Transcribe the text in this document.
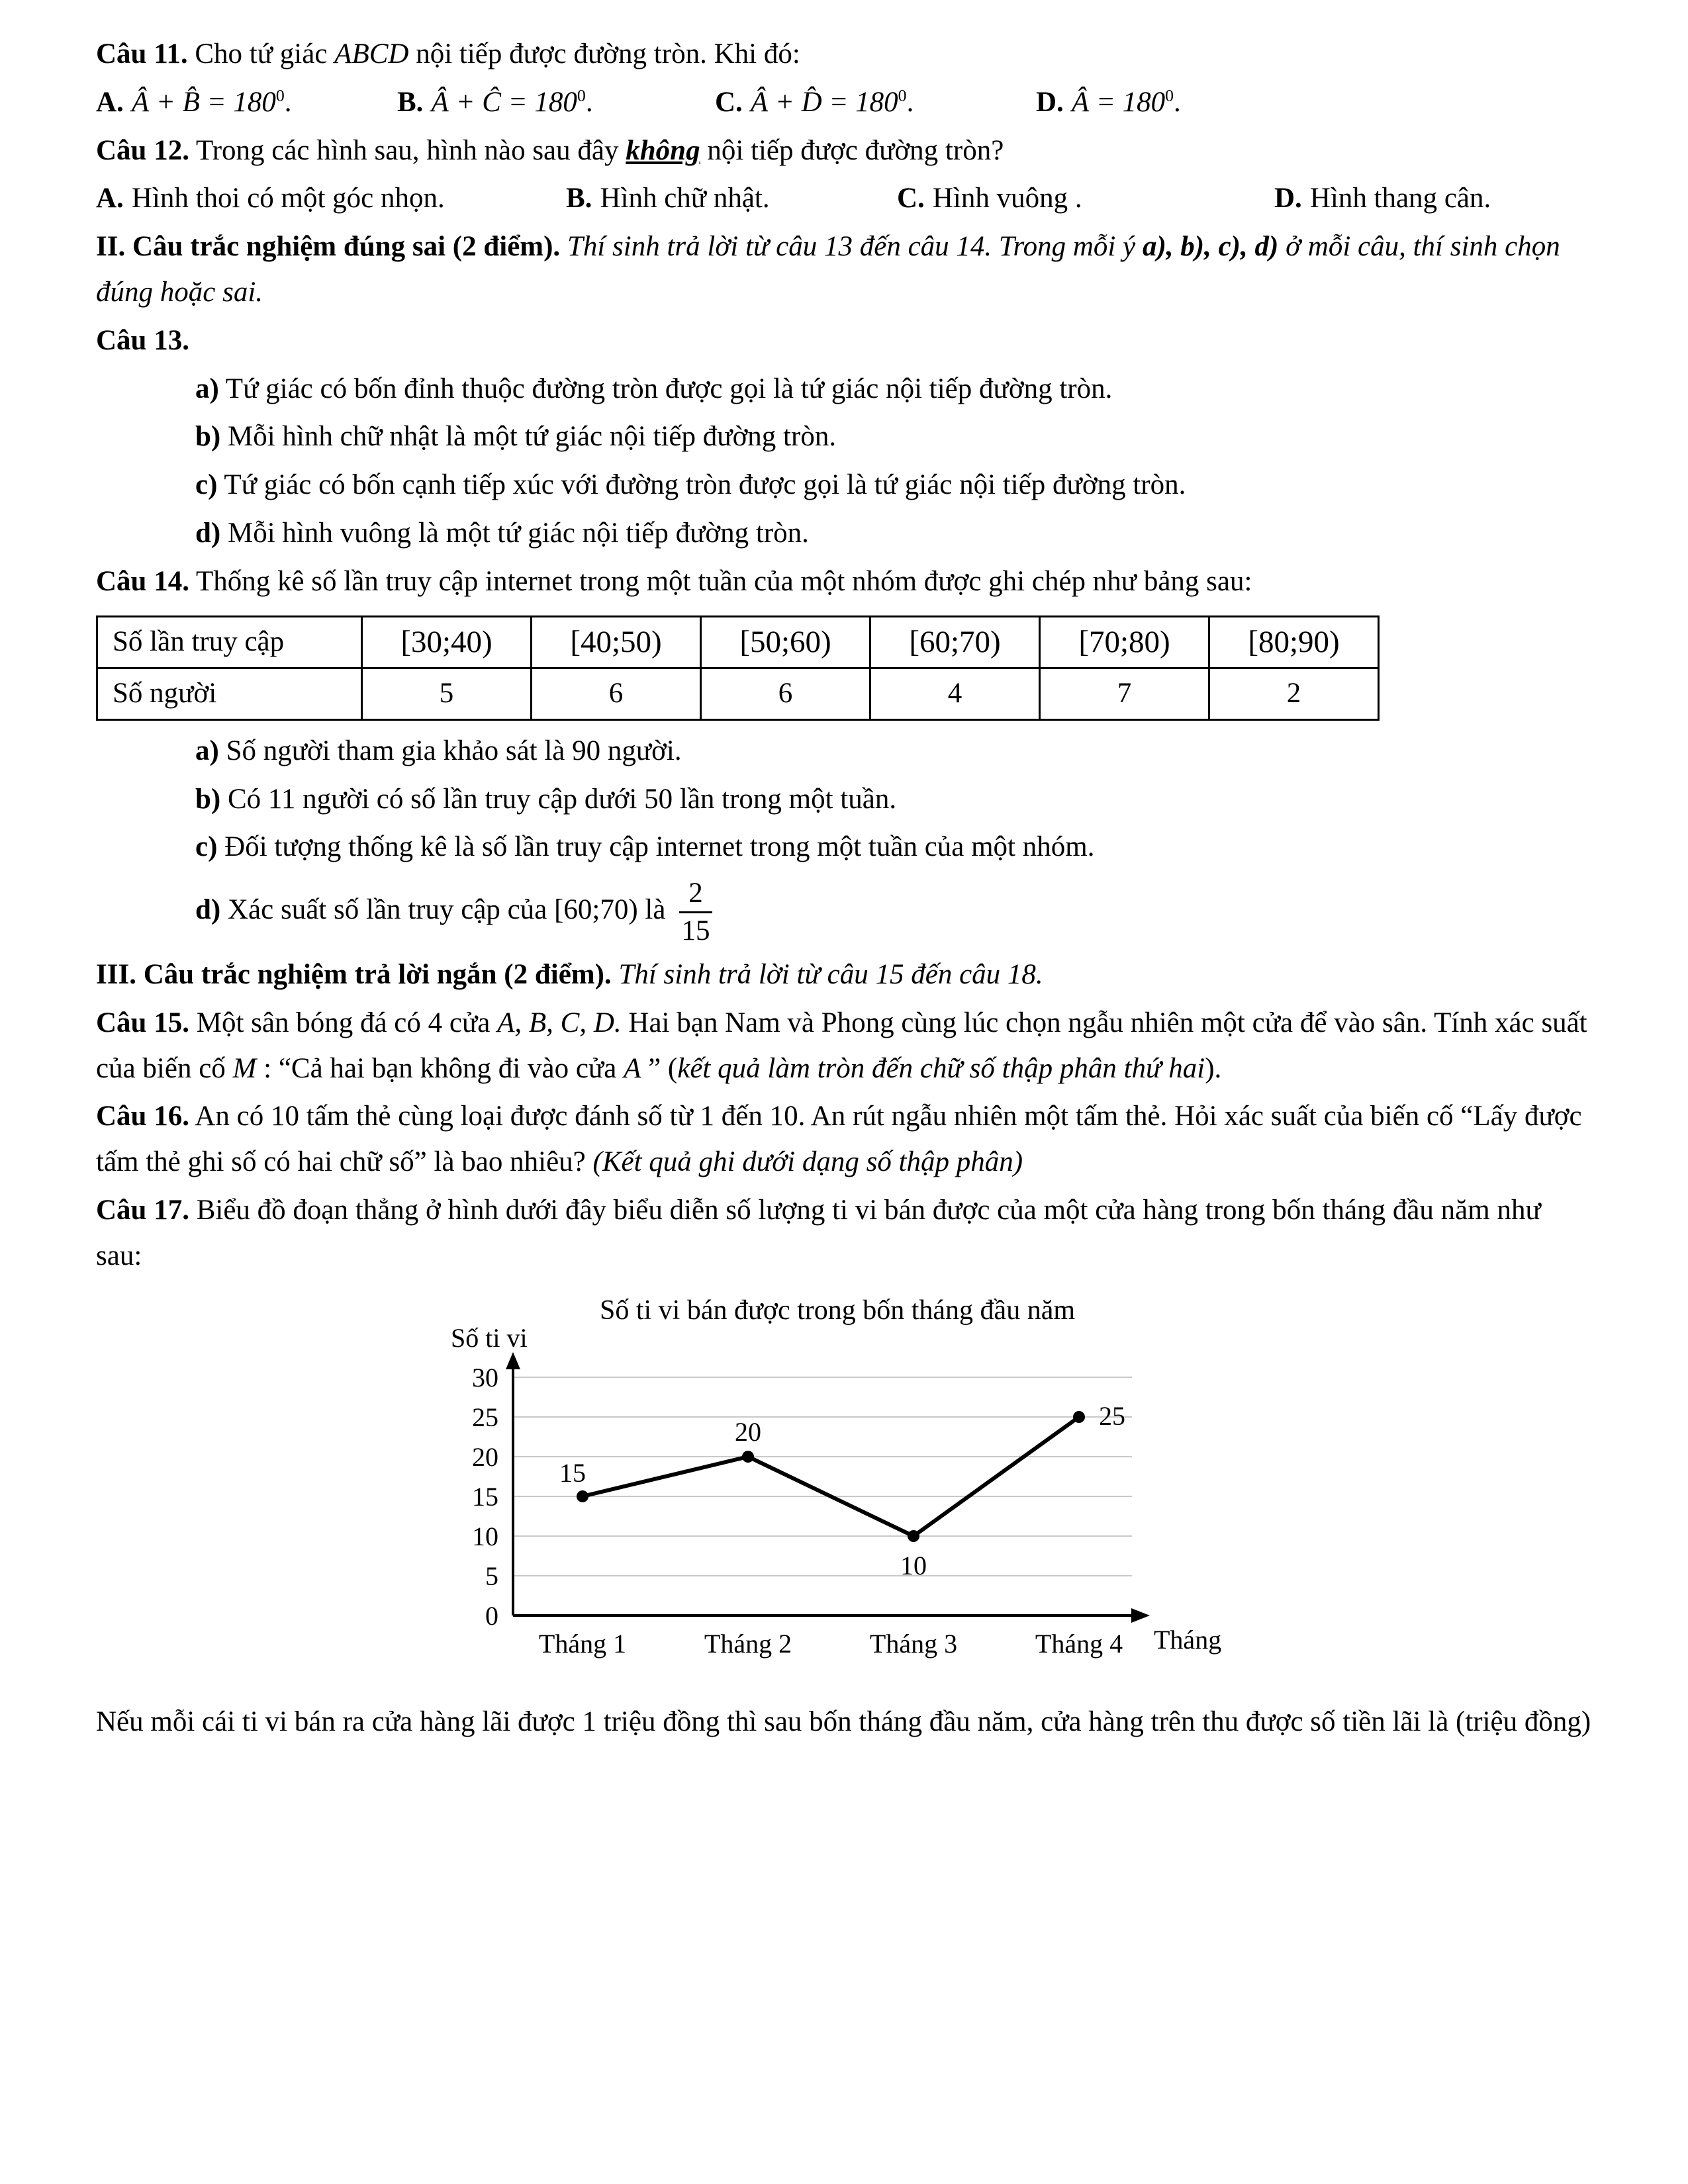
Câu 11. Cho tứ giác ABCD nội tiếp được đường tròn. Khi đó:

A. Â + B̂ = $180^0$.	B. Â + Ĉ = $180^0$.	C. Â + D̂ = $180^0$.	D. Â = $180^0$.

Câu 12. Trong các hình sau, hình nào sau đây không nội tiếp được đường tròn?

A. Hình thoi có một góc nhọn.	B. Hình chữ nhật.	C. Hình vuông .	D. Hình thang cân.

II. Câu trắc nghiệm đúng sai (2 điểm). Thí sinh trả lời từ câu 13 đến câu 14. Trong mỗi ý a), b), c), d) ở mỗi câu, thí sinh chọn đúng hoặc sai.

Câu 13.

a) Tứ giác có bốn đỉnh thuộc đường tròn được gọi là tứ giác nội tiếp đường tròn.

b) Mỗi hình chữ nhật là một tứ giác nội tiếp đường tròn.

c) Tứ giác có bốn cạnh tiếp xúc với đường tròn được gọi là tứ giác nội tiếp đường tròn.

d) Mỗi hình vuông là một tứ giác nội tiếp đường tròn.

Câu 14. Thống kê số lần truy cập internet trong một tuần của một nhóm được ghi chép như bảng sau:

Số lần truy cập	[30;40)	[40;50)	[50;60)	[60;70)	[70;80)	[80;90)
Số người	5	6	6	4	7	2

a) Số người tham gia khảo sát là 90 người.

b) Có 11 người có số lần truy cập dưới 50 lần trong một tuần.

c) Đối tượng thống kê là số lần truy cập internet trong một tuần của một nhóm.

d) Xác suất số lần truy cập của [60;70) là $\frac{2}{15}$

III. Câu trắc nghiệm trả lời ngắn (2 điểm). Thí sinh trả lời từ câu 15 đến câu 18.

Câu 15. Một sân bóng đá có 4 cửa A, B, C, D. Hai bạn Nam và Phong cùng lúc chọn ngẫu nhiên một cửa để vào sân. Tính xác suất của biến cố M : “Cả hai bạn không đi vào cửa A ” (kết quả làm tròn đến chữ số thập phân thứ hai).

Câu 16. An có 10 tấm thẻ cùng loại được đánh số từ 1 đến 10. An rút ngẫu nhiên một tấm thẻ. Hỏi xác suất của biến cố “Lấy được tấm thẻ ghi số có hai chữ số” là bao nhiêu? (Kết quả ghi dưới dạng số thập phân)

Câu 17. Biểu đồ đoạn thẳng ở hình dưới đây biểu diễn số lượng ti vi bán được của một cửa hàng trong bốn tháng đầu năm như sau:

0
5
10
15
20
25
30
Tháng 1	Tháng 2	Tháng 3	Tháng 4 Tháng
15
20
10
25
Số ti vi bán được trong bốn tháng đầu năm
Số ti vi

Nếu mỗi cái ti vi bán ra cửa hàng lãi được 1 triệu đồng thì sau bốn tháng đầu năm, cửa hàng trên thu được số tiền lãi là (triệu đồng)
